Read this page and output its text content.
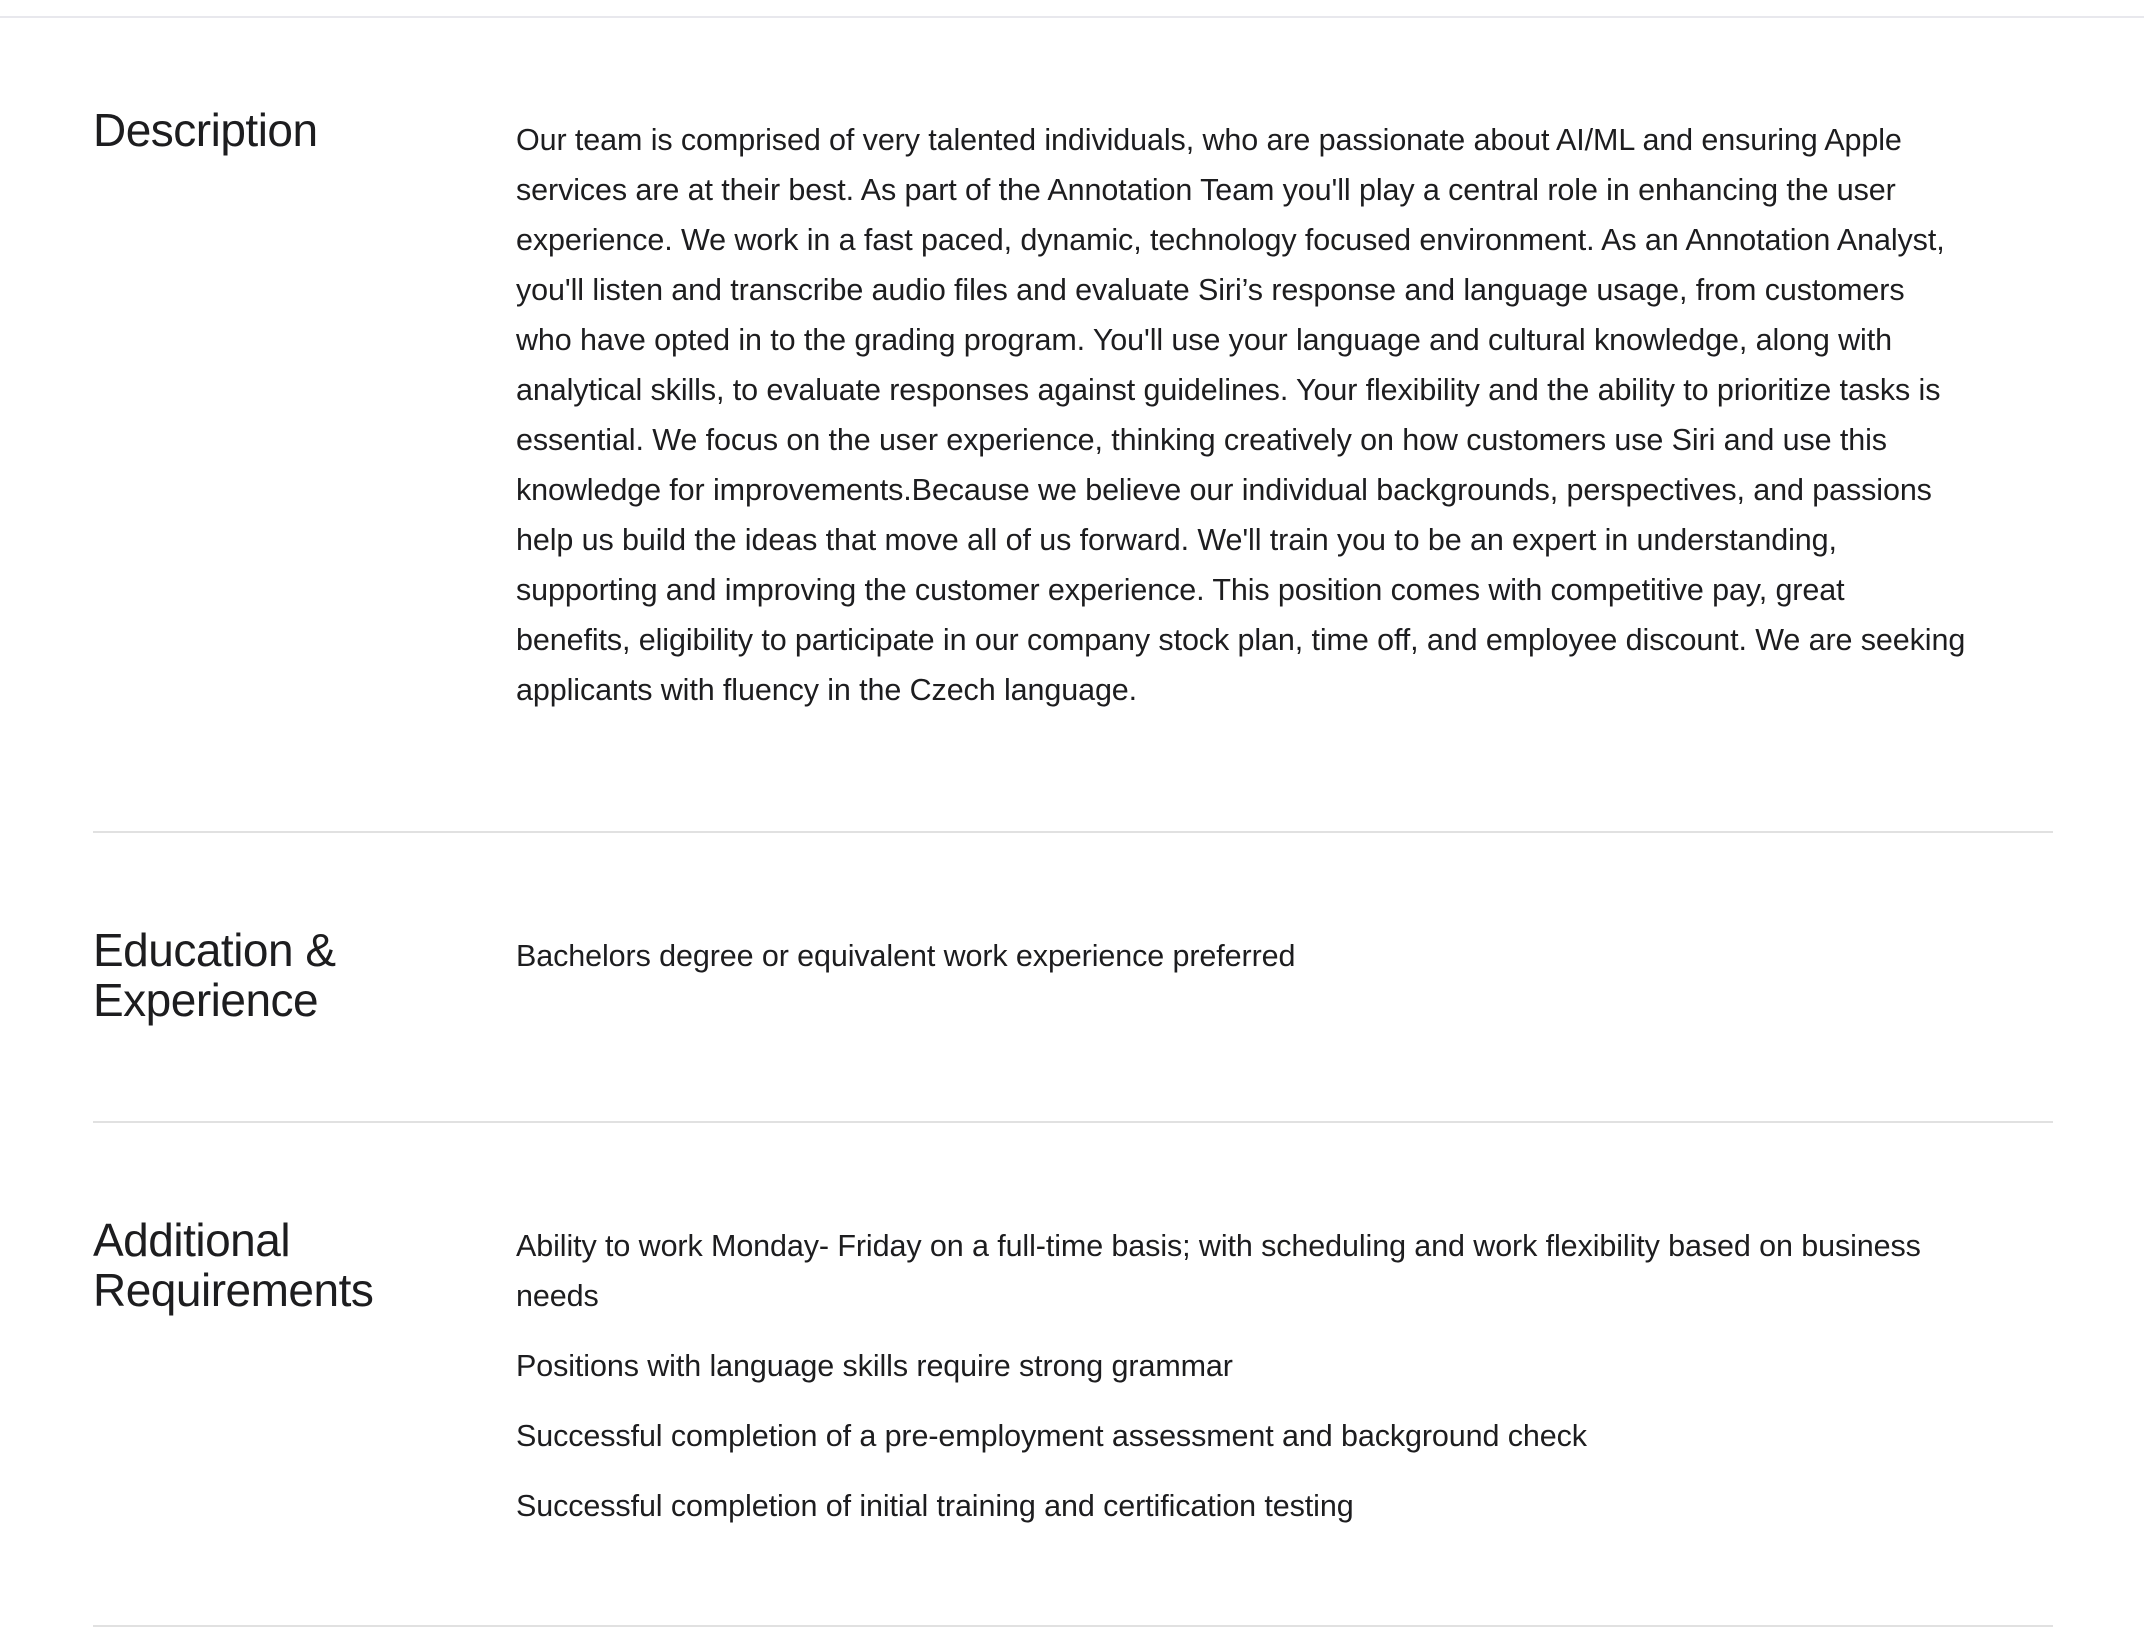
Description	Our team is comprised of very talented individuals, who are passionate about AI/ML and ensuring Apple services are at their best. As part of the Annotation Team you'll play a central role in enhancing the user experience. We work in a fast paced, dynamic, technology focused environment. As an Annotation Analyst, you'll listen and transcribe audio files and evaluate Siri’s response and language usage, from customers who have opted in to the grading program. You'll use your language and cultural knowledge, along with analytical skills, to evaluate responses against guidelines. Your flexibility and the ability to prioritize tasks is essential. We focus on the user experience, thinking creatively on how customers use Siri and use this knowledge for improvements.Because we believe our individual backgrounds, perspectives, and passions help us build the ideas that move all of us forward. We'll train you to be an expert in understanding, supporting and improving the customer experience. This position comes with competitive pay, great benefits, eligibility to participate in our company stock plan, time off, and employee discount. We are seeking applicants with fluency in the Czech language.

Education & Experience

Bachelors degree or equivalent work experience preferred

Additional Requirements

Ability to work Monday- Friday on a full-time basis; with scheduling and work flexibility based on business needs

Positions with language skills require strong grammar

Successful completion of a pre-employment assessment and background check

Successful completion of initial training and certification testing
